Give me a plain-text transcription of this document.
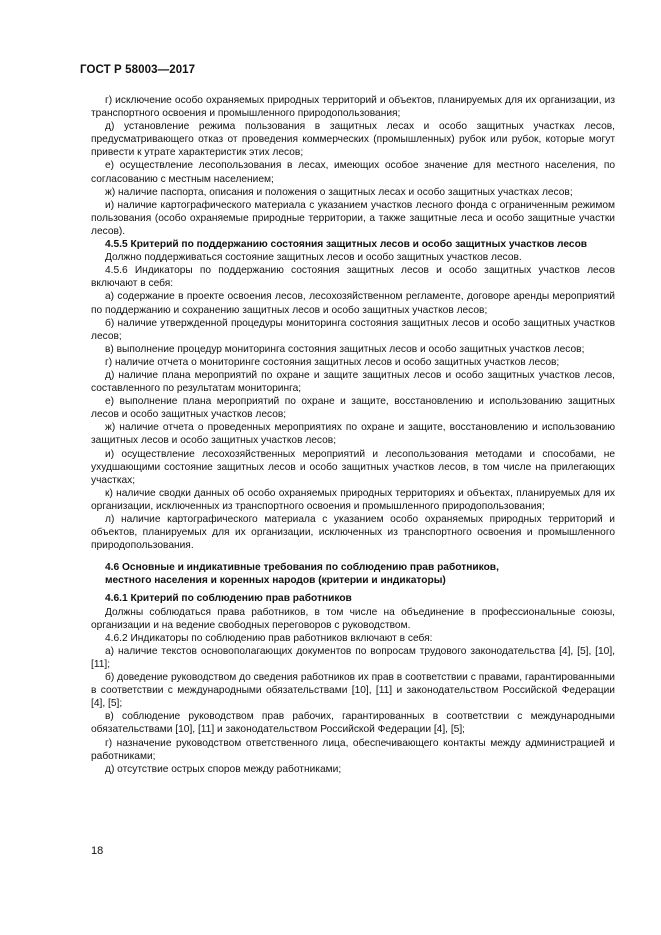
ГОСТ Р 58003—2017

г) исключение особо охраняемых природных территорий и объектов, планируемых для их организации, из транспортного освоения и промышленного природопользования;

д) установление режима пользования в защитных лесах и особо защитных участках лесов, предусматривающего отказ от проведения коммерческих (промышленных) рубок или рубок, которые могут привести к утрате характеристик этих лесов;

е) осуществление лесопользования в лесах, имеющих особое значение для местного населения, по согласованию с местным населением;

ж) наличие паспорта, описания и положения о защитных лесах и особо защитных участках лесов;

и) наличие картографического материала с указанием участков лесного фонда с ограниченным режимом пользования (особо охраняемые природные территории, а также защитные леса и особо защитные участки лесов).

4.5.5 Критерий по поддержанию состояния защитных лесов и особо защитных участков лесов

Должно поддерживаться состояние защитных лесов и особо защитных участков лесов.

4.5.6 Индикаторы по поддержанию состояния защитных лесов и особо защитных участков лесов включают в себя:

а) содержание в проекте освоения лесов, лесохозяйственном регламенте, договоре аренды мероприятий по поддержанию и сохранению защитных лесов и особо защитных участков лесов;

б) наличие утвержденной процедуры мониторинга состояния защитных лесов и особо защитных участков лесов;

в) выполнение процедур мониторинга состояния защитных лесов и особо защитных участков лесов;

г) наличие отчета о мониторинге состояния защитных лесов и особо защитных участков лесов;

д) наличие плана мероприятий по охране и защите защитных лесов и особо защитных участков лесов, составленного по результатам мониторинга;

е) выполнение плана мероприятий по охране и защите, восстановлению и использованию защитных лесов и особо защитных участков лесов;

ж) наличие отчета о проведенных мероприятиях по охране и защите, восстановлению и использованию защитных лесов и особо защитных участков лесов;

и) осуществление лесохозяйственных мероприятий и лесопользования методами и способами, не ухудшающими состояние защитных лесов и особо защитных участков лесов, в том числе на прилегающих участках;

к) наличие сводки данных об особо охраняемых природных территориях и объектах, планируемых для их организации, исключенных из транспортного освоения и промышленного природопользования;

л) наличие картографического материала с указанием особо охраняемых природных территорий и объектов, планируемых для их организации, исключенных из транспортного освоения и промышленного природопользования.

4.6 Основные и индикативные требования по соблюдению прав работников,

местного населения и коренных народов (критерии и индикаторы)

4.6.1 Критерий по соблюдению прав работников

Должны соблюдаться права работников, в том числе на объединение в профессиональные союзы, организации и на ведение свободных переговоров с руководством.

4.6.2 Индикаторы по соблюдению прав работников включают в себя:

а) наличие текстов основополагающих документов по вопросам трудового законодательства [4], [5], [10], [11];

б) доведение руководством до сведения работников их прав в соответствии с правами, гарантированными в соответствии с международными обязательствами [10], [11] и законодательством Российской Федерации [4], [5];

в) соблюдение руководством прав рабочих, гарантированных в соответствии с международными обязательствами [10], [11] и законодательством Российской Федерации [4], [5];

г) назначение руководством ответственного лица, обеспечивающего контакты между администрацией и работниками;

д) отсутствие острых споров между работниками;

18
